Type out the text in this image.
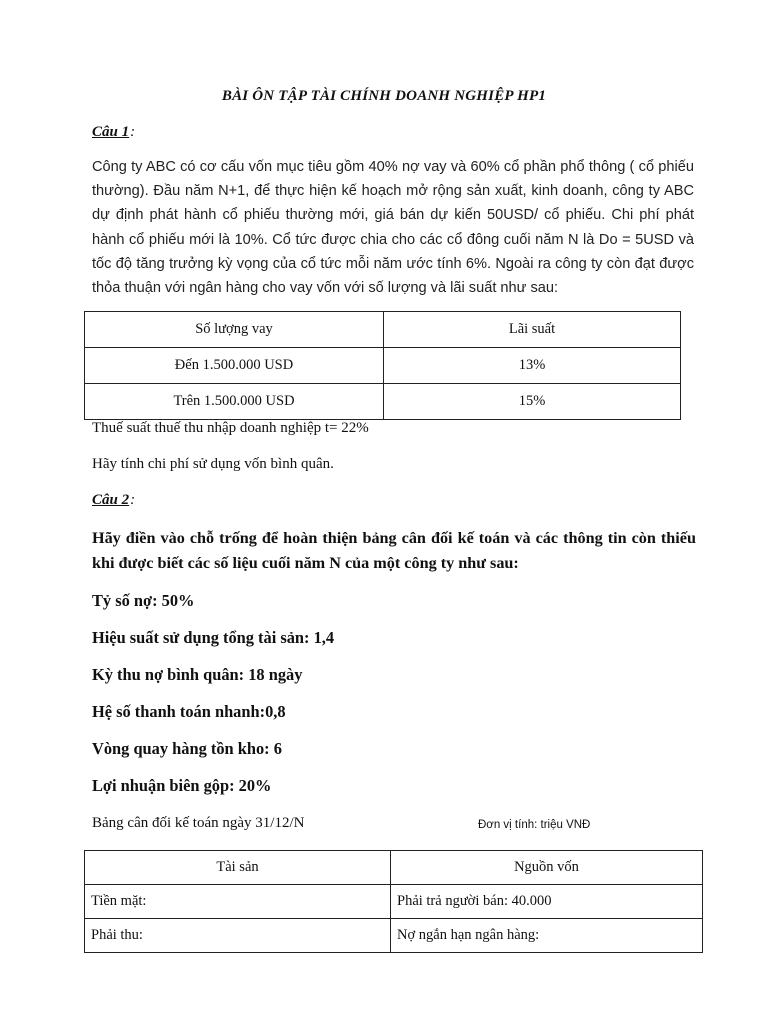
BÀI ÔN TẬP TÀI CHÍNH DOANH NGHIỆP HP1
Câu 1:
Công ty ABC có cơ cấu vốn mục tiêu gồm 40% nợ vay và 60% cổ phần phổ thông ( cổ phiếu thường). Đầu năm N+1, để thực hiện kế hoạch mở rộng sản xuất, kinh doanh, công ty ABC dự định phát hành cổ phiếu thường mới, giá bán dự kiến 50USD/ cổ phiếu. Chi phí phát hành cổ phiếu mới là 10%. Cổ tức được chia cho các cổ đông cuối năm N là Do = 5USD và tốc độ tăng trưởng kỳ vọng của cổ tức mỗi năm ước tính 6%. Ngoài ra công ty còn đạt được thỏa thuận với ngân hàng cho vay vốn với số lượng và lãi suất như sau:
Số lượng vay	Lãi suất
Đến 1.500.000 USD	13%
Trên 1.500.000 USD	15%
Thuế suất thuế thu nhập doanh nghiệp t= 22%
Hãy tính chi phí sử dụng vốn bình quân.
Câu 2:
Hãy điền vào chỗ trống để hoàn thiện bảng cân đối kế toán và các thông tin còn thiếu khi được biết các số liệu cuối năm N của một công ty như sau:
Tỷ số nợ: 50%
Hiệu suất sử dụng tổng tài sản: 1,4
Kỳ thu nợ bình quân: 18 ngày
Hệ số thanh toán nhanh:0,8
Vòng quay hàng tồn kho: 6
Lợi nhuận biên gộp: 20%
Bảng cân đối kế toán ngày 31/12/N	Đơn vị tính: triệu VNĐ
Tài sản	Nguồn vốn
Tiền mặt:	Phải trả người bán: 40.000
Phải thu:	Nợ ngắn hạn ngân hàng:
